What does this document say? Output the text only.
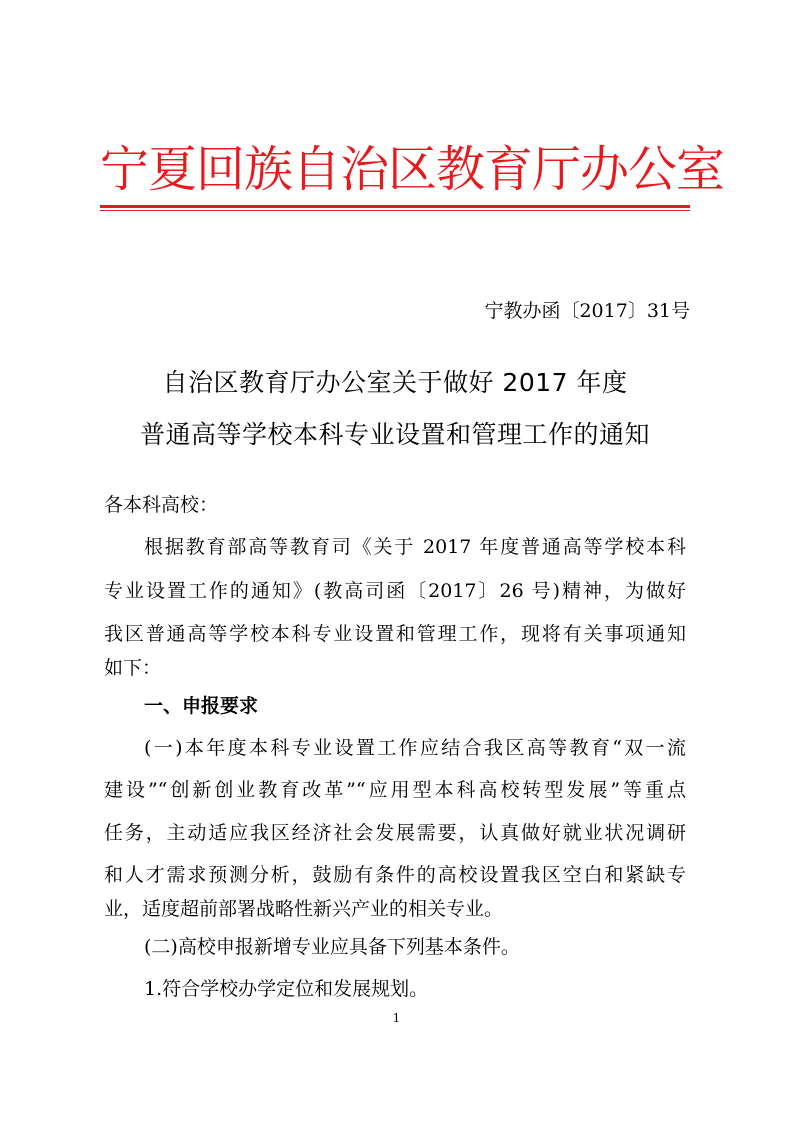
宁夏回族自治区教育厅办公室
宁教办函〔2017〕31号
自治区教育厅办公室关于做好 2017 年度
普通高等学校本科专业设置和管理工作的通知
各本科高校：
根据教育部高等教育司《关于 2017 年度普通高等学校本科
专业设置工作的通知》(教高司函〔2017〕26 号)精神，为做好
我区普通高等学校本科专业设置和管理工作，现将有关事项通知
如下：
一、申报要求
(一)本年度本科专业设置工作应结合我区高等教育“双一流
建设”“创新创业教育改革”“应用型本科高校转型发展”等重点
任务，主动适应我区经济社会发展需要，认真做好就业状况调研
和人才需求预测分析，鼓励有条件的高校设置我区空白和紧缺专
业，适度超前部署战略性新兴产业的相关专业。
(二)高校申报新增专业应具备下列基本条件。
1.符合学校办学定位和发展规划。
1
